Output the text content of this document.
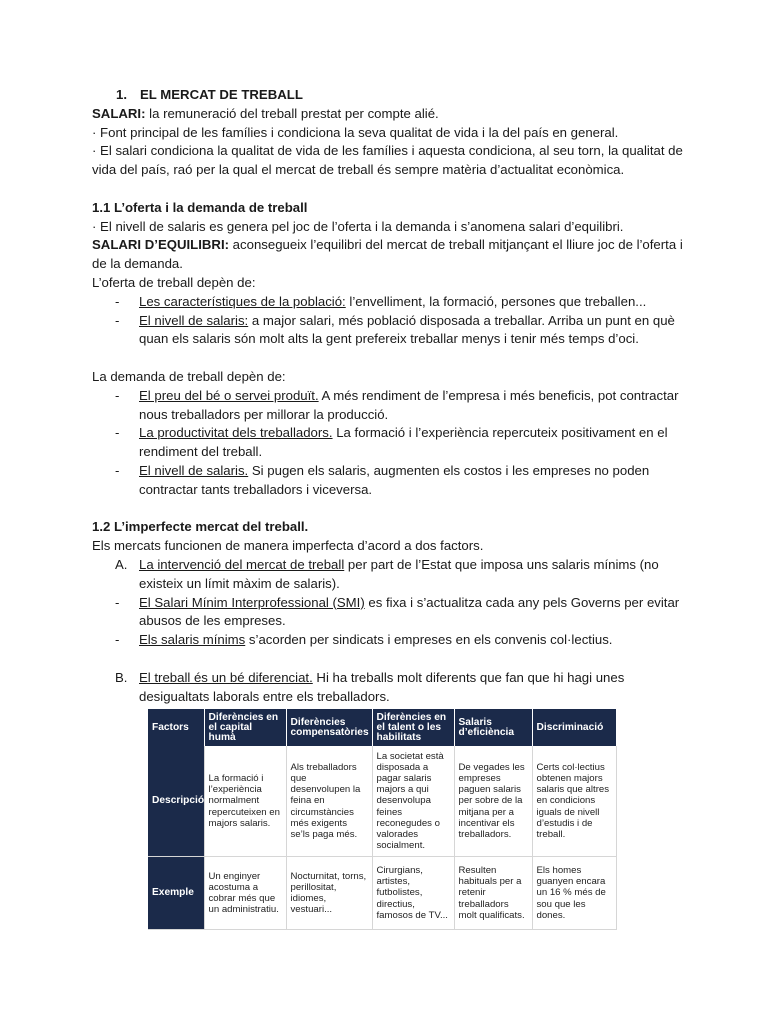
1. EL MERCAT DE TREBALL
SALARI: la remuneració del treball prestat per compte alié.
· Font principal de les famílies i condiciona la seva qualitat de vida i la del país en general.
· El salari condiciona la qualitat de vida de les famílies i aquesta condiciona, al seu torn, la qualitat de
vida del país, raó per la qual el mercat de treball és sempre matèria d’actualitat econòmica.
1.1 L’oferta i la demanda de treball
· El nivell de salaris es genera pel joc de l’oferta i la demanda i s’anomena salari d’equilibri.
SALARI D’EQUILIBRI: aconsegueix l’equilibri del mercat de treball mitjançant el lliure joc de l’oferta i
de la demanda.
L’oferta de treball depèn de:
- Les característiques de la població: l’envelliment, la formació, persones que treballen...
- El nivell de salaris: a major salari, més població disposada a treballar. Arriba un punt en què
quan els salaris són molt alts la gent prefereix treballar menys i tenir més temps d’oci.
La demanda de treball depèn de:
- El preu del bé o servei produït. A més rendiment de l’empresa i més beneficis, pot contractar
nous treballadors per millorar la producció.
- La productivitat dels treballadors. La formació i l’experiència repercuteix positivament en el
rendiment del treball.
- El nivell de salaris. Si pugen els salaris, augmenten els costos i les empreses no poden
contractar tants treballadors i viceversa.
1.2 L’imperfecte mercat del treball.
Els mercats funcionen de manera imperfecta d’acord a dos factors.
A. La intervenció del mercat de treball per part de l’Estat que imposa uns salaris mínims (no
existeix un límit màxim de salaris).
- El Salari Mínim Interprofessional (SMI) es fixa i s’actualitza cada any pels Governs per evitar
abusos de les empreses.
- Els salaris mínims s’acorden per sindicats i empreses en els convenis col·lectius.
B. El treball és un bé diferenciat. Hi ha treballs molt diferents que fan que hi hagi unes
desigualtats laborals entre els treballadors.
Factors	Diferències en el capital humà	Diferències compensatòries	Diferències en el talent o les habilitats	Salaris d’eficiència	Discriminació
Descripció	La formació i l’experiència normalment repercuteixen en majors salaris.	Als treballadors que desenvolupen la feina en circumstàncies més exigents se’ls paga més.	La societat està disposada a pagar salaris majors a qui desenvolupa feines reconegudes o valorades socialment.	De vegades les empreses paguen salaris per sobre de la mitjana per a incentivar els treballadors.	Certs col·lectius obtenen majors salaris que altres en condicions iguals de nivell d’estudis i de treball.
Exemple	Un enginyer acostuma a cobrar més que un administratiu.	Nocturnitat, torns, perillositat, idiomes, vestuari...	Cirurgians, artistes, futbolistes, directius, famosos de TV...	Resulten habituals per a retenir treballadors molt qualificats.	Els homes guanyen encara un 16 % més de sou que les dones.
